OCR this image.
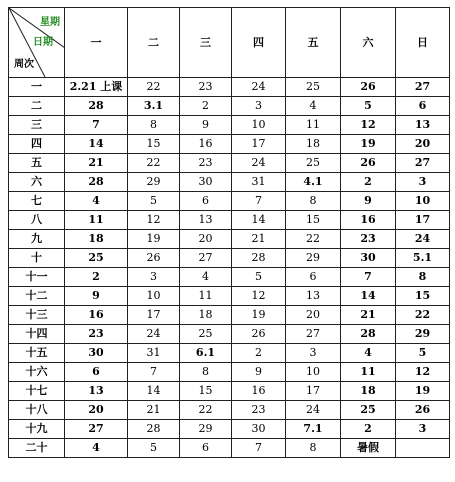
星期
日期
周次	一	二	三	四	五	六	日
一	2.21 上课	22	23	24	25	26	27
二	28	3.1	2	3	4	5	6
三	7	8	9	10	11	12	13
四	14	15	16	17	18	19	20
五	21	22	23	24	25	26	27
六	28	29	30	31	4.1	2	3
七	4	5	6	7	8	9	10
八	11	12	13	14	15	16	17
九	18	19	20	21	22	23	24
十	25	26	27	28	29	30	5.1
十一	2	3	4	5	6	7	8
十二	9	10	11	12	13	14	15
十三	16	17	18	19	20	21	22
十四	23	24	25	26	27	28	29
十五	30	31	6.1	2	3	4	5
十六	6	7	8	9	10	11	12
十七	13	14	15	16	17	18	19
十八	20	21	22	23	24	25	26
十九	27	28	29	30	7.1	2	3
二十	4	5	6	7	8	暑假	
